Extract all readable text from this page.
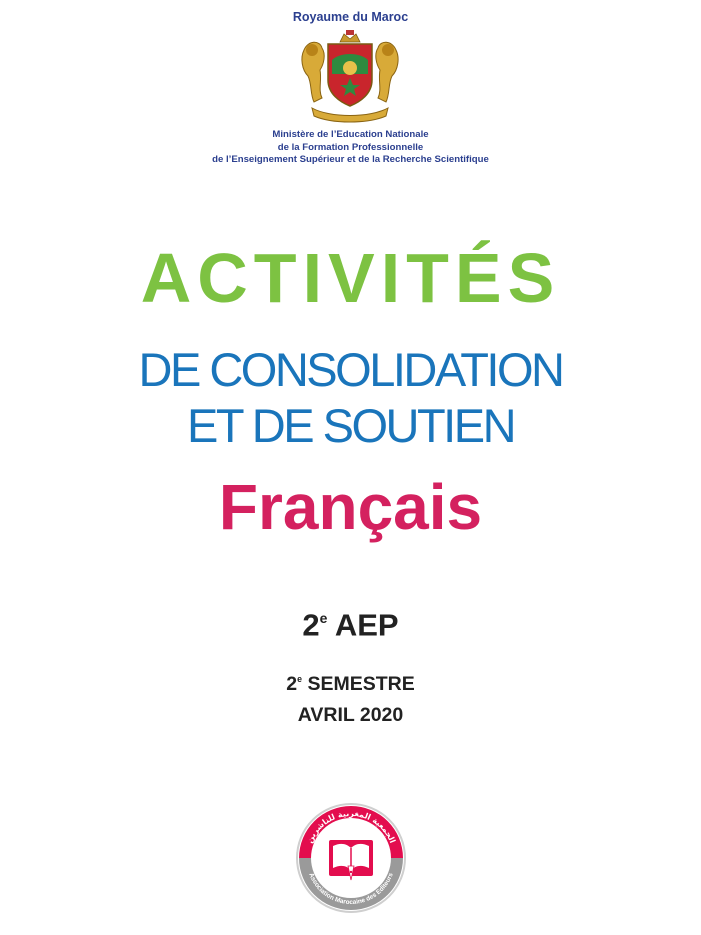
Royaume du Maroc
Ministère de l’Education Nationale
de la Formation Professionnelle
de l’Enseignement Supérieur et de la Recherche Scientifique
ACTIVITÉS
DE CONSOLIDATION
ET DE SOUTIEN
Français
2e AEP
2e SEMESTRE
AVRIL 2020
الجمعية المغربية للناشرين
Association Marocaine des Editeurs
